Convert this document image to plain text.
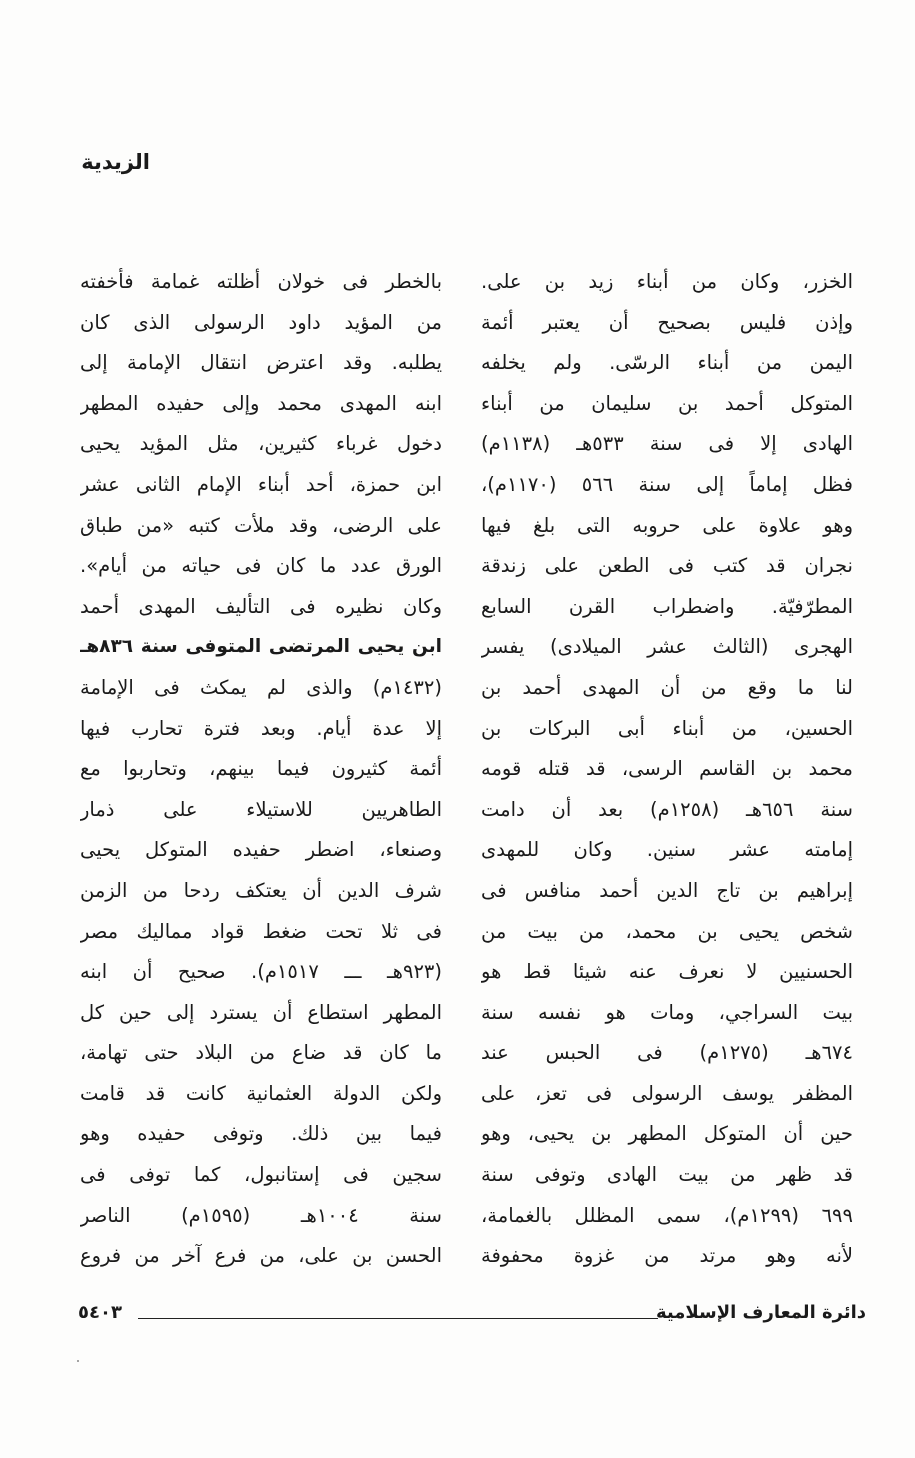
الزيدية
الخزر، وكان من أبناء زيد بن على.
وإذن فليس بصحيح أن يعتبر أئمة
اليمن من أبناء الرسّى. ولم يخلفه
المتوكل أحمد بن سليمان من أبناء
الهادى إلا فى سنة ٥٣٣هـ (١١٣٨م)
فظل إماماً إلى سنة ٥٦٦ (١١٧٠م)،
وهو علاوة على حروبه التى بلغ فيها
نجران قد كتب فى الطعن على زندقة
المطرّفيّة. واضطراب القرن السابع
الهجرى (الثالث عشر الميلادى) يفسر
لنا ما وقع من أن المهدى أحمد بن
الحسين، من أبناء أبى البركات بن
محمد بن القاسم الرسى، قد قتله قومه
سنة ٦٥٦هـ (١٢٥٨م) بعد أن دامت
إمامته عشر سنين. وكان للمهدى
إبراهيم بن تاج الدين أحمد منافس فى
شخص يحيى بن محمد، من بيت من
الحسنيين لا نعرف عنه شيئا قط هو
بيت السراجي، ومات هو نفسه سنة
٦٧٤هـ (١٢٧٥م) فى الحبس عند
المظفر يوسف الرسولى فى تعز، على
حين أن المتوكل المطهر بن يحيى، وهو
قد ظهر من بيت الهادى وتوفى سنة
٦٩٩ (١٢٩٩م)، سمى المظلل بالغمامة،
لأنه وهو مرتد من غزوة محفوفة
بالخطر فى خولان أظلته غمامة فأخفته
من المؤيد داود الرسولى الذى كان
يطلبه. وقد اعترض انتقال الإمامة إلى
ابنه المهدى محمد وإلى حفيده المطهر
دخول غرباء كثيرين، مثل المؤيد يحيى
ابن حمزة، أحد أبناء الإمام الثانى عشر
على الرضى، وقد ملأت كتبه «من طباق
الورق عدد ما كان فى حياته من أيام».
وكان نظيره فى التأليف المهدى أحمد
ابن يحيى المرتضى المتوفى سنة ٨٣٦هـ
(١٤٣٢م) والذى لم يمكث فى الإمامة
إلا عدة أيام. وبعد فترة تحارب فيها
أئمة كثيرون فيما بينهم، وتحاربوا مع
الطاهريين للاستيلاء على ذمار
وصنعاء، اضطر حفيده المتوكل يحيى
شرف الدين أن يعتكف ردحا من الزمن
فى ثلا تحت ضغط قواد مماليك مصر
(٩٢٣هـ ـــ ١٥١٧م). صحيح أن ابنه
المطهر استطاع أن يسترد إلى حين كل
ما كان قد ضاع من البلاد حتى تهامة،
ولكن الدولة العثمانية كانت قد قامت
فيما بين ذلك. وتوفى حفيده وهو
سجين فى إستانبول، كما توفى فى
سنة ١٠٠٤هـ (١٥٩٥م) الناصر
الحسن بن على، من فرع آخر من فروع
دائرة المعارف الإسلامية
٥٤٠٣
